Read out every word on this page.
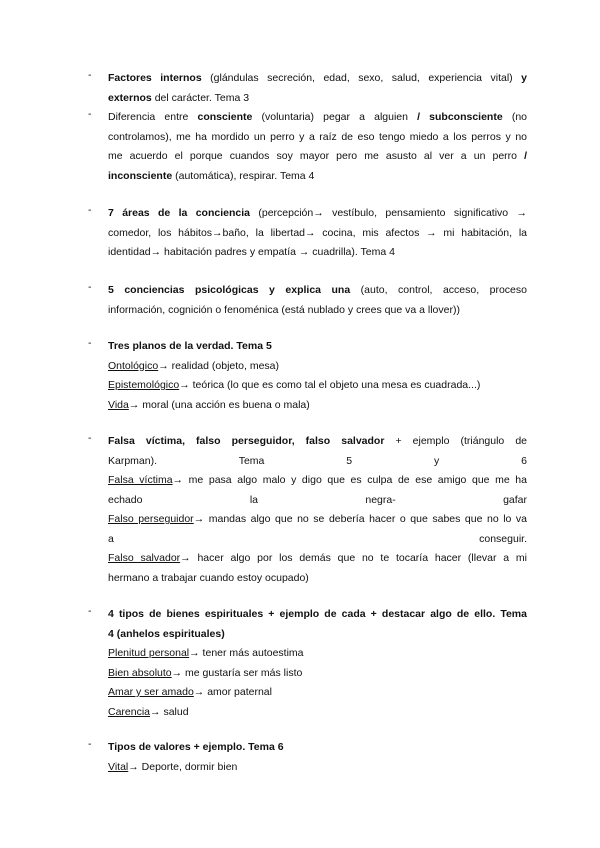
- Factores internos (glándulas secreción, edad, sexo, salud, experiencia vital) y
externos del carácter. Tema 3
- Diferencia entre consciente (voluntaria) pegar a alguien / subconsciente (no
controlamos), me ha mordido un perro y a raíz de eso tengo miedo a los perros y no
me acuerdo el porque cuandos soy mayor pero me asusto al ver a un perro /
inconsciente (automática), respirar. Tema 4
- 7 áreas de la conciencia (percepción→ vestíbulo, pensamiento significativo →
comedor, los hábitos→baño, la libertad→ cocina, mis afectos → mi habitación, la
identidad→ habitación padres y empatía → cuadrilla). Tema 4
- 5 conciencias psicológicas y explica una (auto, control, acceso, proceso
información, cognición o fenoménica (está nublado y crees que va a llover))
- Tres planos de la verdad. Tema 5
Ontológico→ realidad (objeto, mesa)
Epistemológico→ teórica (lo que es como tal el objeto una mesa es cuadrada...)
Vida→ moral (una acción es buena o mala)
- Falsa víctima, falso perseguidor, falso salvador + ejemplo (triángulo de
Karpman). Tema 5 y 6
Falsa víctima→ me pasa algo malo y digo que es culpa de ese amigo que me ha
echado la negra- gafar
Falso perseguidor→ mandas algo que no se debería hacer o que sabes que no lo va
a conseguir.
Falso salvador→ hacer algo por los demás que no te tocaría hacer (llevar a mi
hermano a trabajar cuando estoy ocupado)
- 4 tipos de bienes espirituales + ejemplo de cada + destacar algo de ello. Tema
4 (anhelos espirituales)
Plenitud personal→ tener más autoestima
Bien absoluto→ me gustaría ser más listo
Amar y ser amado→ amor paternal
Carencia→ salud
- Tipos de valores + ejemplo. Tema 6
Vital→ Deporte, dormir bien
